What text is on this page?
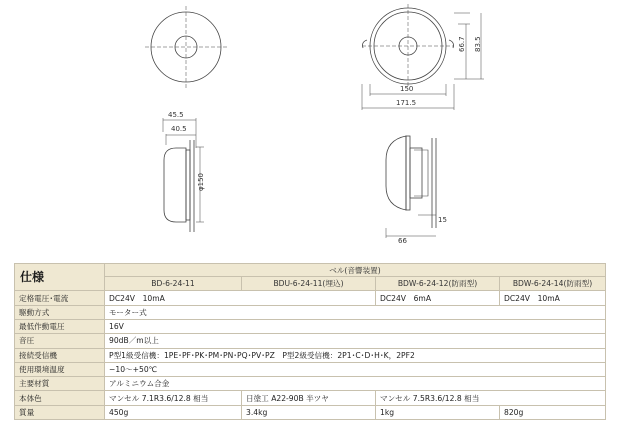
45.5
40.5
φ150
150
171.5
66.7 83.5
15
66
仕様	ベル(音響装置)			
	BD-6-24-11	BDU-6-24-11(埋込)	BDW-6-24-12(防雨型)	BDW-6-24-14(防雨型)
定格電圧･電流	DC24V　10mA		DC24V　6mA	DC24V　10mA
駆動方式	モーター式			
最低作動電圧	16V			
音圧	90dB／m以上			
接続受信機	P型1級受信機：1PE･PF･PK･PM･PN･PQ･PV･PZ　P型2級受信機：2P1･C･D･H･K，2PF2			
使用環境温度	−10〜+50℃			
主要材質	アルミニウム合金			
本体色	マンセル 7.1R3.6/12.8 相当	日塗工 A22-90B 半ツヤ	マンセル 7.5R3.6/12.8 相当	
質量	450g	3.4kg	1kg	820g
